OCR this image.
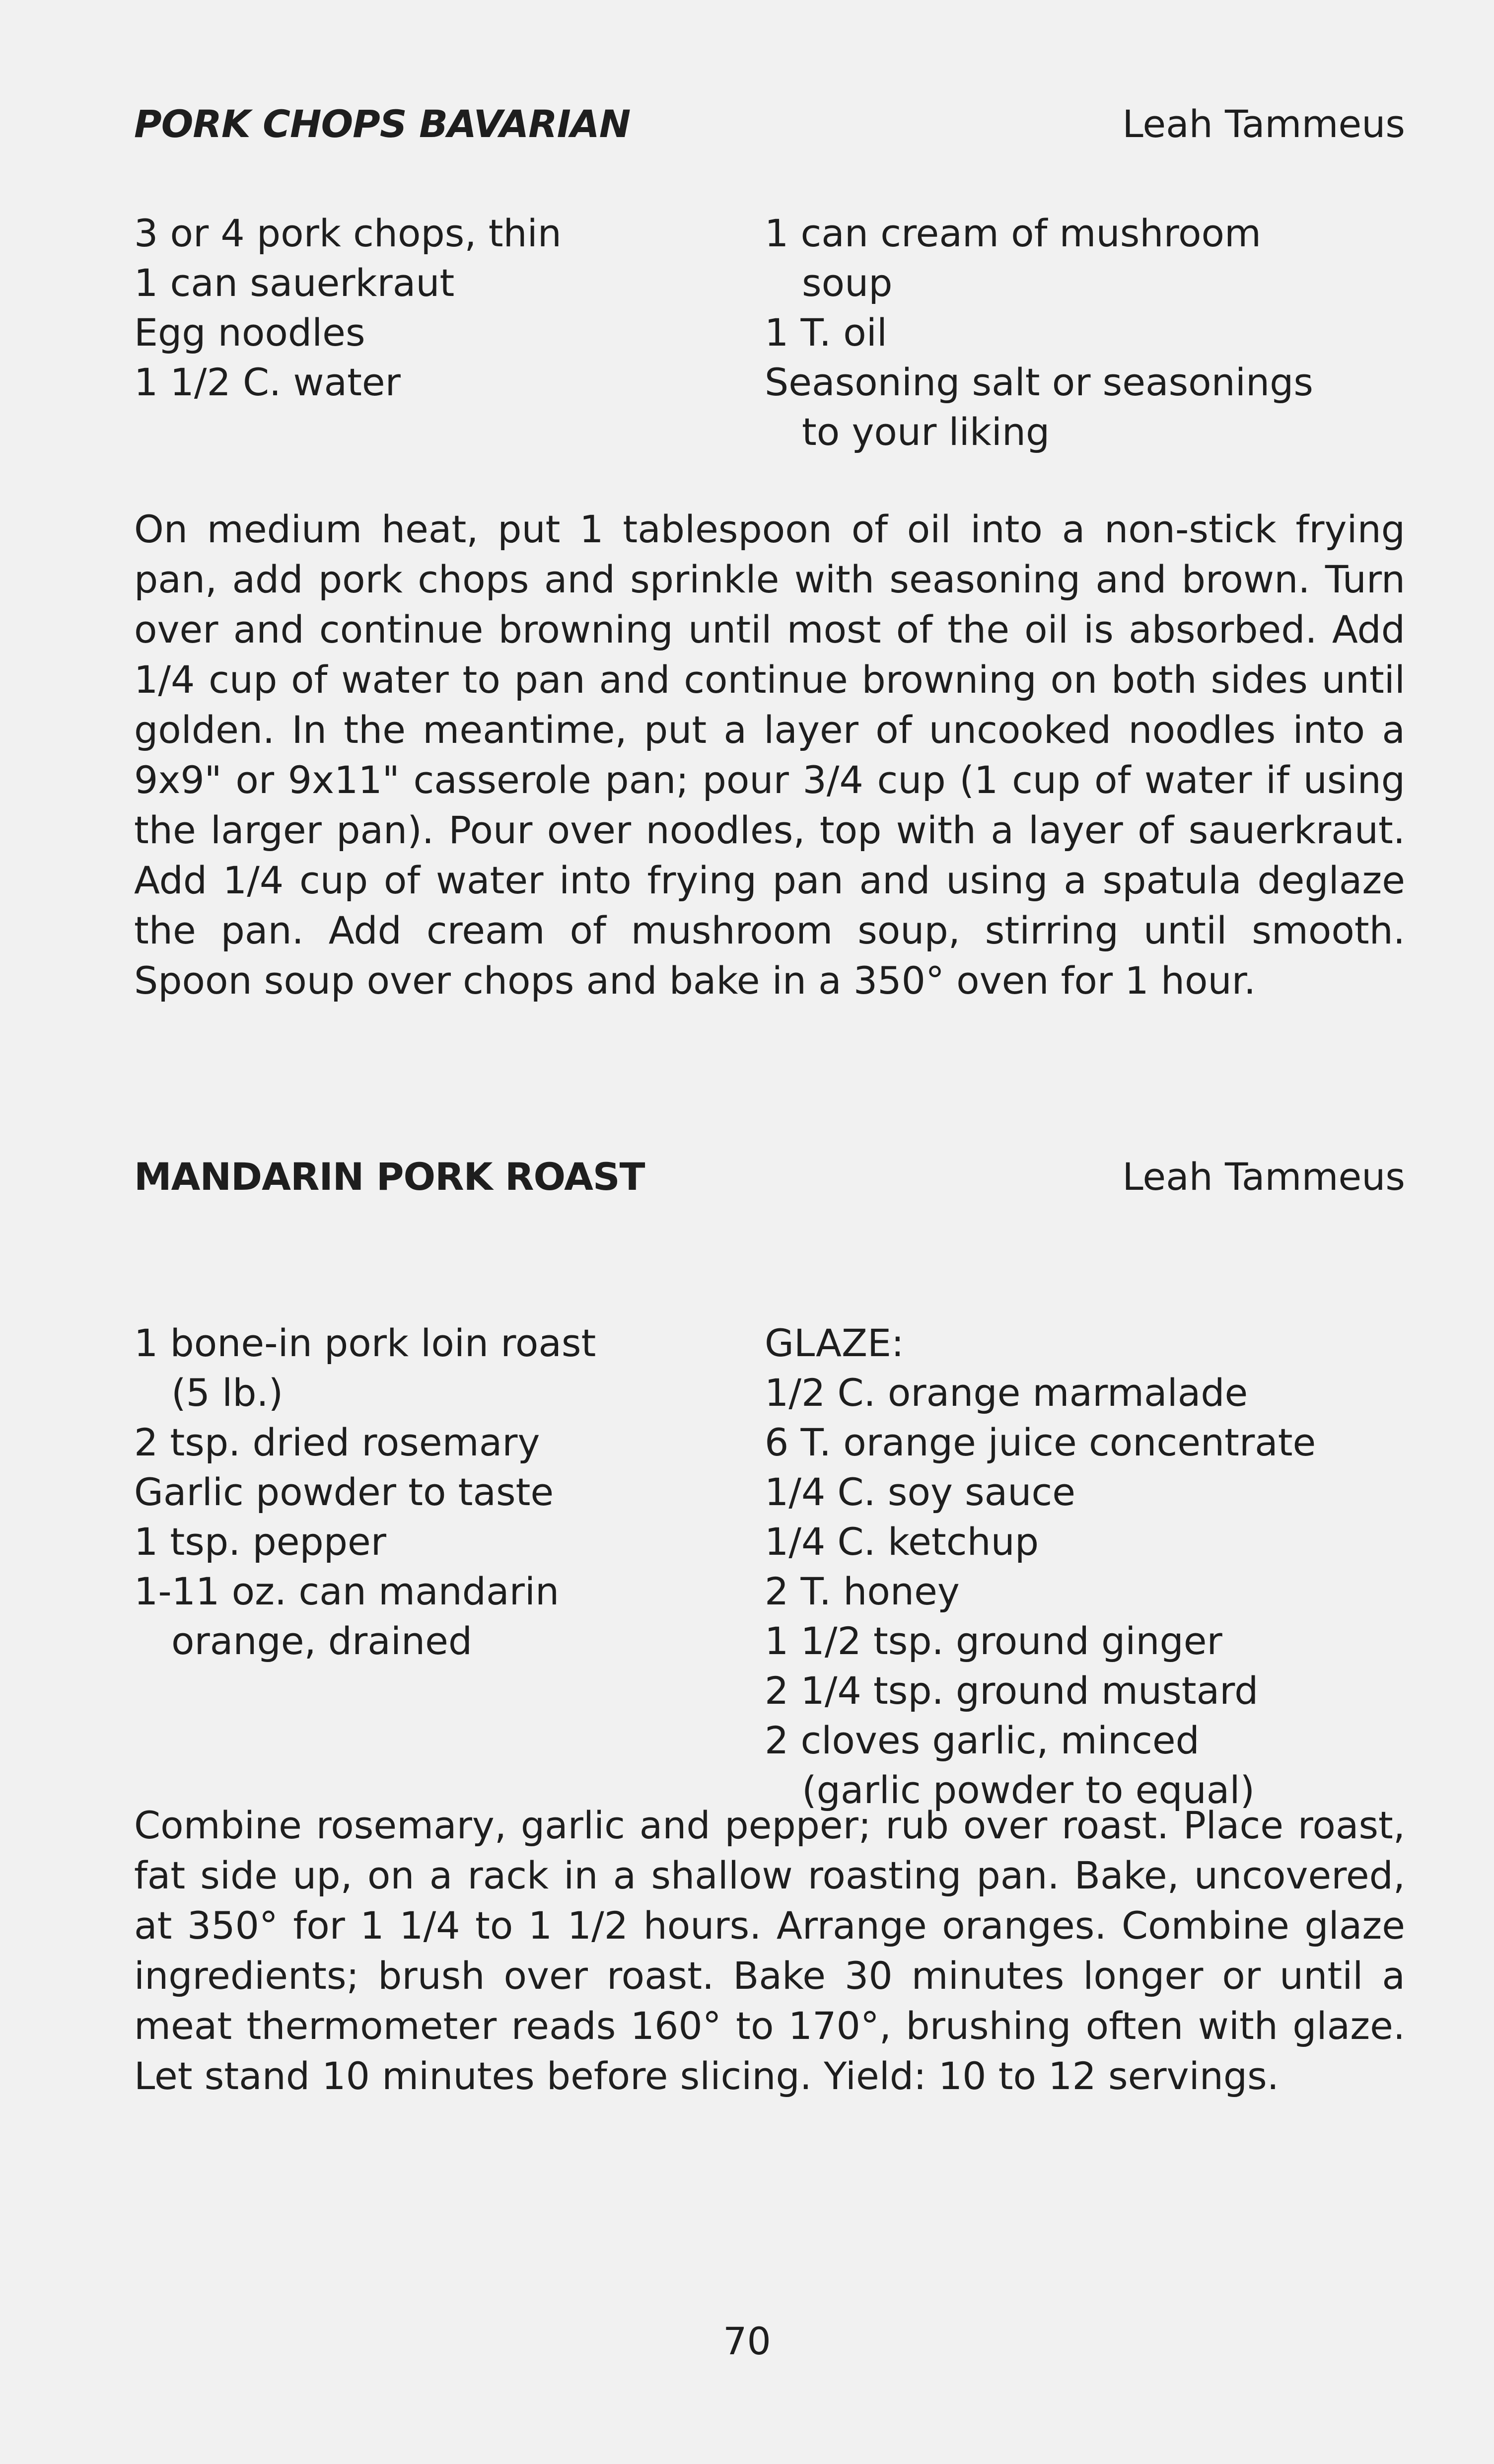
PORK CHOPS BAVARIAN	Leah Tammeus
3 or 4 pork chops, thin
1 can sauerkraut
Egg noodles
1 1/2 C. water
1 can cream of mushroom
soup
1 T. oil
Seasoning salt or seasonings
to your liking
On medium heat, put 1 tablespoon of oil into a non-stick frying pan, add pork chops and sprinkle with seasoning and brown. Turn over and continue browning until most of the oil is absorbed. Add 1/4 cup of water to pan and continue browning on both sides until golden. In the meantime, put a layer of uncooked noodles into a 9x9" or 9x11" casserole pan; pour 3/4 cup (1 cup of water if using the larger pan). Pour over noodles, top with a layer of sauerkraut. Add 1/4 cup of water into frying pan and using a spatula deglaze the pan. Add cream of mushroom soup, stirring until smooth. Spoon soup over chops and bake in a 350° oven for 1 hour.
MANDARIN PORK ROAST	Leah Tammeus
1 bone-in pork loin roast
(5 lb.)
2 tsp. dried rosemary
Garlic powder to taste
1 tsp. pepper
1-11 oz. can mandarin
orange, drained
GLAZE:
1/2 C. orange marmalade
6 T. orange juice concentrate
1/4 C. soy sauce
1/4 C. ketchup
2 T. honey
1 1/2 tsp. ground ginger
2 1/4 tsp. ground mustard
2 cloves garlic, minced
(garlic powder to equal)
Combine rosemary, garlic and pepper; rub over roast. Place roast, fat side up, on a rack in a shallow roasting pan. Bake, uncovered, at 350° for 1 1/4 to 1 1/2 hours. Arrange oranges. Combine glaze ingredients; brush over roast. Bake 30 minutes longer or until a meat thermometer reads 160° to 170°, brushing often with glaze. Let stand 10 minutes before slicing. Yield: 10 to 12 servings.
70
